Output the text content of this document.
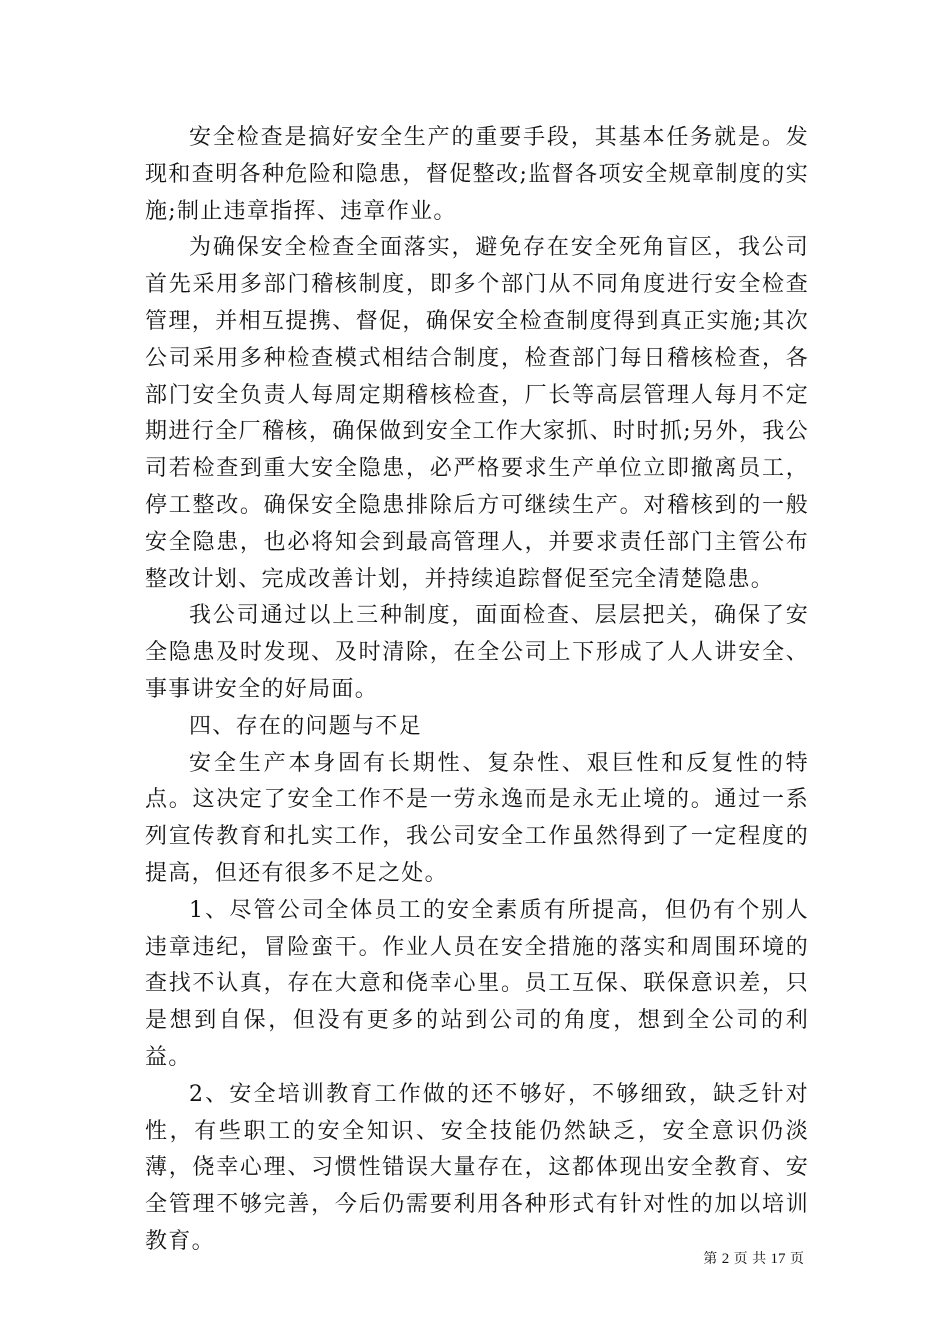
安全检查是搞好安全生产的重要手段，其基本任务就是。发现和查明各种危险和隐患，督促整改;监督各项安全规章制度的实施;制止违章指挥、违章作业。

为确保安全检查全面落实，避免存在安全死角盲区，我公司首先采用多部门稽核制度，即多个部门从不同角度进行安全检查管理，并相互提携、督促，确保安全检查制度得到真正实施;其次公司采用多种检查模式相结合制度，检查部门每日稽核检查，各部门安全负责人每周定期稽核检查，厂长等高层管理人每月不定期进行全厂稽核，确保做到安全工作大家抓、时时抓;另外，我公司若检查到重大安全隐患，必严格要求生产单位立即撤离员工，停工整改。确保安全隐患排除后方可继续生产。对稽核到的一般安全隐患，也必将知会到最高管理人，并要求责任部门主管公布整改计划、完成改善计划，并持续追踪督促至完全清楚隐患。

我公司通过以上三种制度，面面检查、层层把关，确保了安全隐患及时发现、及时清除，在全公司上下形成了人人讲安全、事事讲安全的好局面。

四、存在的问题与不足

安全生产本身固有长期性、复杂性、艰巨性和反复性的特点。这决定了安全工作不是一劳永逸而是永无止境的。通过一系列宣传教育和扎实工作，我公司安全工作虽然得到了一定程度的提高，但还有很多不足之处。

1、尽管公司全体员工的安全素质有所提高，但仍有个别人违章违纪，冒险蛮干。作业人员在安全措施的落实和周围环境的查找不认真，存在大意和侥幸心里。员工互保、联保意识差，只是想到自保，但没有更多的站到公司的角度，想到全公司的利益。

2、安全培训教育工作做的还不够好，不够细致，缺乏针对性，有些职工的安全知识、安全技能仍然缺乏，安全意识仍淡薄，侥幸心理、习惯性错误大量存在，这都体现出安全教育、安全管理不够完善，今后仍需要利用各种形式有针对性的加以培训教育。

第 2 页 共 17 页
